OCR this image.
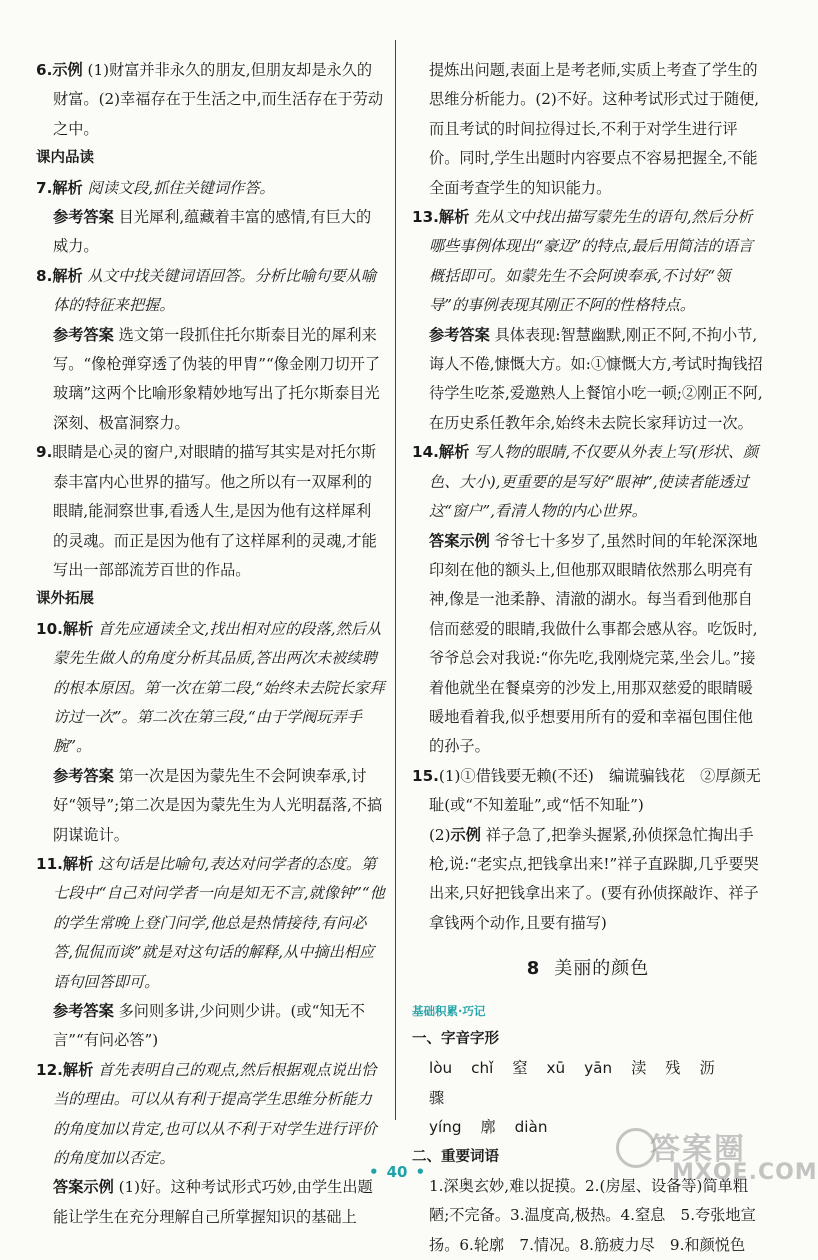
6.示例 (1)财富并非永久的朋友,但朋友却是永久的财富。(2)幸福存在于生活之中,而生活存在于劳动之中。

课内品读

7.解析 阅读文段,抓住关键词作答。

参考答案 目光犀利,蕴藏着丰富的感情,有巨大的威力。

8.解析 从文中找关键词语回答。分析比喻句要从喻体的特征来把握。

参考答案 选文第一段抓住托尔斯泰目光的犀利来写。“像枪弹穿透了伪装的甲胄”“像金刚刀切开了玻璃”这两个比喻形象精妙地写出了托尔斯泰目光深刻、极富洞察力。

9.眼睛是心灵的窗户,对眼睛的描写其实是对托尔斯泰丰富内心世界的描写。他之所以有一双犀利的眼睛,能洞察世事,看透人生,是因为他有这样犀利的灵魂。而正是因为他有了这样犀利的灵魂,才能写出一部部流芳百世的作品。

课外拓展

10.解析 首先应通读全文,找出相对应的段落,然后从蒙先生做人的角度分析其品质,答出两次未被续聘的根本原因。第一次在第二段,“始终未去院长家拜访过一次”。第二次在第三段,“由于学阀玩弄手腕”。

参考答案 第一次是因为蒙先生不会阿谀奉承,讨好“领导”;第二次是因为蒙先生为人光明磊落,不搞阴谋诡计。

11.解析 这句话是比喻句,表达对问学者的态度。第七段中“自己对问学者一向是知无不言,就像钟”“他的学生常晚上登门问学,他总是热情接待,有问必答,侃侃而谈”就是对这句话的解释,从中摘出相应语句回答即可。

参考答案 多问则多讲,少问则少讲。(或“知无不言”“有问必答”)

12.解析 首先表明自己的观点,然后根据观点说出恰当的理由。可以从有利于提高学生思维分析能力的角度加以肯定,也可以从不利于对学生进行评价的角度加以否定。

答案示例 (1)好。这种考试形式巧妙,由学生出题能让学生在充分理解自己所掌握知识的基础上

提炼出问题,表面上是考老师,实质上考查了学生的思维分析能力。(2)不好。这种考试形式过于随便,而且考试的时间拉得过长,不利于对学生进行评价。同时,学生出题时内容要点不容易把握全,不能全面考查学生的知识能力。

13.解析 先从文中找出描写蒙先生的语句,然后分析哪些事例体现出“豪迈”的特点,最后用简洁的语言概括即可。如蒙先生不会阿谀奉承,不讨好“领导”的事例表现其刚正不阿的性格特点。

参考答案 具体表现:智慧幽默,刚正不阿,不拘小节,诲人不倦,慷慨大方。如:①慷慨大方,考试时掏钱招待学生吃茶,爱邀熟人上餐馆小吃一顿;②刚正不阿,在历史系任教年余,始终未去院长家拜访过一次。

14.解析 写人物的眼睛,不仅要从外表上写(形状、颜色、大小),更重要的是写好“眼神”,使读者能透过这“窗户”,看清人物的内心世界。

答案示例 爷爷七十多岁了,虽然时间的年轮深深地印刻在他的额头上,但他那双眼睛依然那么明亮有神,像是一池柔静、清澈的湖水。每当看到他那自信而慈爱的眼睛,我做什么事都会感从容。吃饭时,爷爷总会对我说:“你先吃,我刚烧完菜,坐会儿。”接着他就坐在餐桌旁的沙发上,用那双慈爱的眼睛暖暖地看着我,似乎想要用所有的爱和幸福包围住他的孙子。

15.(1)①借钱要无赖(不还)　编谎骗钱花　②厚颜无耻(或“不知羞耻”,或“恬不知耻”)

(2)示例 祥子急了,把拳头握紧,孙侦探急忙掏出手枪,说:“老实点,把钱拿出来!”祥子直跺脚,几乎要哭出来,只好把钱拿出来了。(要有孙侦探敲诈、祥子拿钱两个动作,且要有描写)

8 美丽的颜色
基础积累·巧记

一、字音字形

lòu chǐ 窒 xū yān 渎 残 沥骤

yíng 廓 diàn

二、重要词语

1.深奥玄妙,难以捉摸。2.(房屋、设备等)简单粗陋;不完备。3.温度高,极热。4.窒息　5.夸张地宣扬。6.轮廓　7.情况。8.筋疲力尽　9.和颜悦色

• 40 •
答案圈
MXQE.COM
